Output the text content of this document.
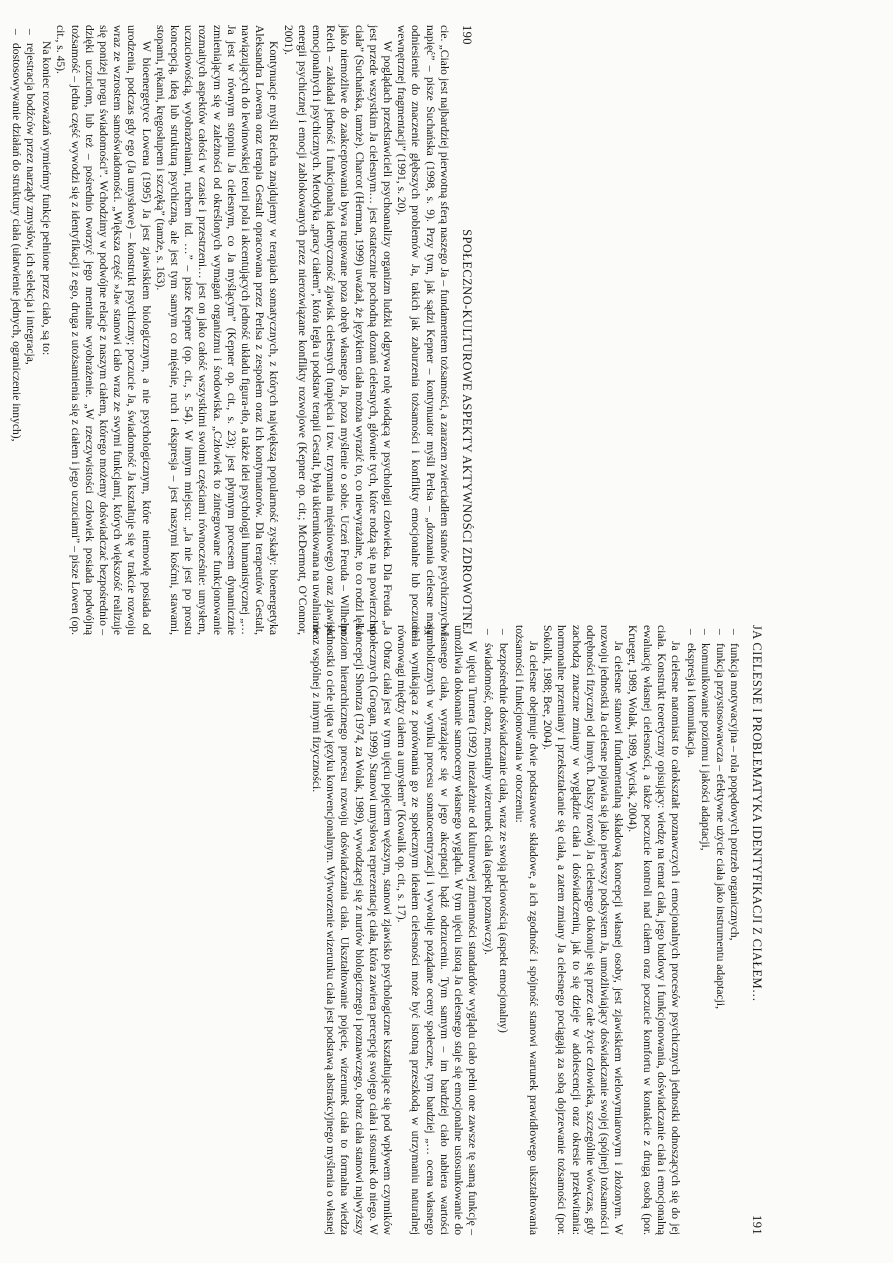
190
SPOŁECZNO-KULTUROWE ASPEKTY AKTYWNOŚCI ZDROWOTNEJ

cie. „Ciało jest najbardziej pierwotną sferą naszego Ja – fundamentem tożsamości, a zarazem zwierciadłem stanów psychicznych i napięć” – pisze Suchańska (1998, s. 9). Przy tym, jak sądzi Kepner – kontynuator myśli Perlsa – „doznania cielesne mają odniesienie do znaczenie głębszych problemów Ja, takich jak zaburzenia tożsamości i konflikty emocjonalne lub poczucie wewnętrznej fragmentacji” (1991, s. 20).

W poglądach przedstawicieli psychoanalizy organizm ludzki odgrywa rolę wiodącą w psychologii człowieka. Dla Freuda „Ja jest przede wszystkim Ja cielesnym… jest ostatecznie pochodną doznań cielesnych, głównie tych, które rodzą się na powierzchni ciała” (Suchańska, tamże). Charcot (Herman, 1999) uważał, że językiem ciała można wyrazić to, co niewyrażalne, to co rodzi lęk i jako niemożliwe do zaakceptowania bywa rugowane poza obręb własnego Ja, poza myślenie o sobie. Uczeń Freuda – Wilhelm Reich – zakładał jedność i funkcjonalną identyczność zjawisk cielesnych (napięcia i tzw. trzymania mięśniowego) oraz zjawisk emocjonalnych i psychicznych. Metodyka „pracy ciałem”, która legła u podstaw terapii Gestalt, była ukierunkowana na uwalnianie energii psychicznej i emocji zablokowanych przez nierozwiązane konflikty rozwojowe (Kepner op. cit.; McDermott, O’Connor, 2001).

Kontynuacje myśli Reicha znajdujemy w terapiach somatycznych, z których największą popularność zyskały: bioenergetyka Aleksandra Lowena oraz terapia Gestalt opracowana przez Perlsa z zespołem oraz ich kontynuatorów. Dla terapeutów Gestalt, nawiązujących do lewinowskiej teorii pola i akcentujących jedność układu figura-tło, a także idei psychologii humanistycznej „… Ja jest w równym stopniu Ja cielesnym, co Ja myślącym” (Kepner op. cit., s. 23); jest płynnym procesem dynamicznie zmieniającym się w zależności od określonych wymagań organizmu i środowiska. „Człowiek to zintegrowane funkcjonowanie rozmaitych aspektów całości w czasie i przestrzeni… jest on jako całość wszystkimi swoimi częściami równocześnie: umysłem, uczuciowością, wyobrażeniami, ruchem itd. …” – pisze Kepner (op. cit., s. 54). W innym miejscu: „Ja nie jest po prostu koncepcją, ideą lub strukturą psychiczną, ale jest tym samym co mięśnie, ruch i ekspresja – jest naszymi kośćmi, stawami, stopami, rękami, kręgosłupem i szczęką” (tamże, s. 163).

W bioenergetyce Lowena (1995) Ja jest zjawiskiem biologicznym, a nie psychologicznym, które niemowlę posiada od urodzenia, podczas gdy ego (Ja umysłowe) – konstrukt psychiczny; poczucie Ja, świadomość Ja kształtuje się w trakcie rozwoju wraz ze wzrostem samoświadomości. „Większa część »Ja« stanowi ciało wraz ze swymi funkcjami, których większość realizuje się poniżej progu świadomości”. Wchodzimy w podwójne relacje z naszym ciałem, którego możemy doświadczać bezpośrednio – dzięki uczuciom, lub też – pośrednio tworzyć jego mentalne wyobrażenie. „W rzeczywistości człowiek posiada podwójną tożsamość – jedna część wywodzi się z identyfikacji z ego, druga z utożsamienia się z ciałem i jego uczuciami” – pisze Lowen (op. cit., s. 45).

Na koniec rozważań wymieńmy funkcje pełnione przez ciało, są to:

– rejestracja bodźców przez narządy zmysłów, ich selekcja i integracja,
– dostosowywanie działań do struktury ciała (ułatwienie jednych, ograniczenie innych),
JA CIELESNE I PROBLEMATYKA IDENTYFIKACJI Z CIAŁEM…
191
– funkcja motywacyjna – rola popędowych potrzeb organicznych,
– funkcja przystosowawcza – efektywne użycie ciała jako instrumentu adaptacji,
– komunikowanie poziomu i jakości adaptacji,
– ekspresja i komunikacja.

Ja cielesne natomiast to całokształt poznawczych i emocjonalnych procesów psychicznych jednostki odnoszących się do jej ciała. Konstrukt teoretyczny opisujący: wiedzę na temat ciała, jego budowy i funkcjonowania, doświadczanie ciała i emocjonalną ewaluację własnej cielesności, a także poczucie kontroli nad ciałem oraz poczucie komfortu w kontakcie z drugą osobą (por. Krueger, 1989, Wolak, 1989, Wycisk, 2004).

Ja cielesne stanowi fundamentalną składową koncepcji własnej osoby, jest zjawiskiem wielowymiarowym i złożonym. W rozwoju jednostki Ja cielesne pojawia się jako pierwszy podsystem Ja, umożliwiający doświadczanie swojej (spójnej) tożsamości i odrębności fizycznej od innych. Dalszy rozwój Ja cielesnego dokonuje się przez całe życie człowieka, szczególnie wówczas, gdy zachodzą znaczne zmiany w wyglądzie ciała i doświadczeniu, jak to się dzieje w adolescencji oraz okresie przekwitania: hormonalne przemiany i przekształcanie się ciała, a zatem zmiany Ja cielesnego pociągają za sobą dojrzewanie tożsamości (por. Sokolik, 1988; Bee, 2004).

Ja cielesne obejmuje dwie podstawowe składowe, a ich zgodność i spójność stanowi warunek prawidłowego ukształtowania tożsamości i funkcjonowania w otoczeniu:

– bezpośrednie doświadczanie ciała, wraz ze swoją płciowością (aspekt emocjonalny)
– świadomość, obraz, mentalny wizerunek ciała (aspekt poznawczy).

W ujęciu Turnera (1992) niezależnie od kulturowej zmienności standardów wyglądu ciało pełni one zawsze tę samą funkcję – umożliwia dokonanie samooceny własnego wyglądu. W tym ujęciu istotą Ja cielesnego staje się emocjonalne ustosunkowanie do własnego ciała, wyrażające się w jego akceptacji bądź odrzuceniu. Tym samym – im bardziej ciało nabiera wartości symbolicznych w wyniku procesu somatocentryzacji i wywołuje pożądane oceny społeczne, tym bardziej „… ocena własnego ciała wynikająca z porównania go ze społecznym ideałem cielesności może być istotną przeszkodą w utrzymaniu naturalnej równowagi między ciałem a umysłem” (Kowalik op. cit., s. 17).

Obraz ciała jest w tym ujęciu pojęciem węższym, stanowi zjawisko psychologiczne kształtujące się pod wpływem czynników społecznych (Grogan, 1999). Stanowi umysłową reprezentację ciała, która zawiera percepcję swojego ciała i stosunek do niego. W koncepcji Shontza (1974, za Wolak, 1989), wywodzącej się z nurtów biologicznego i poznawczego, obraz ciała stanowi najwyższy poziom hierarchicznego procesu rozwoju doświadczania ciała. Ukształtowanie pojęcie, wizerunek ciała to formalna wiedza jednostki o ciele ujęta w języku konwencjonalnym. Wytworzenie wizerunku ciała jest podstawą abstrakcyjnego myślenia o własnej oraz wspólnej z innymi fizyczności.
